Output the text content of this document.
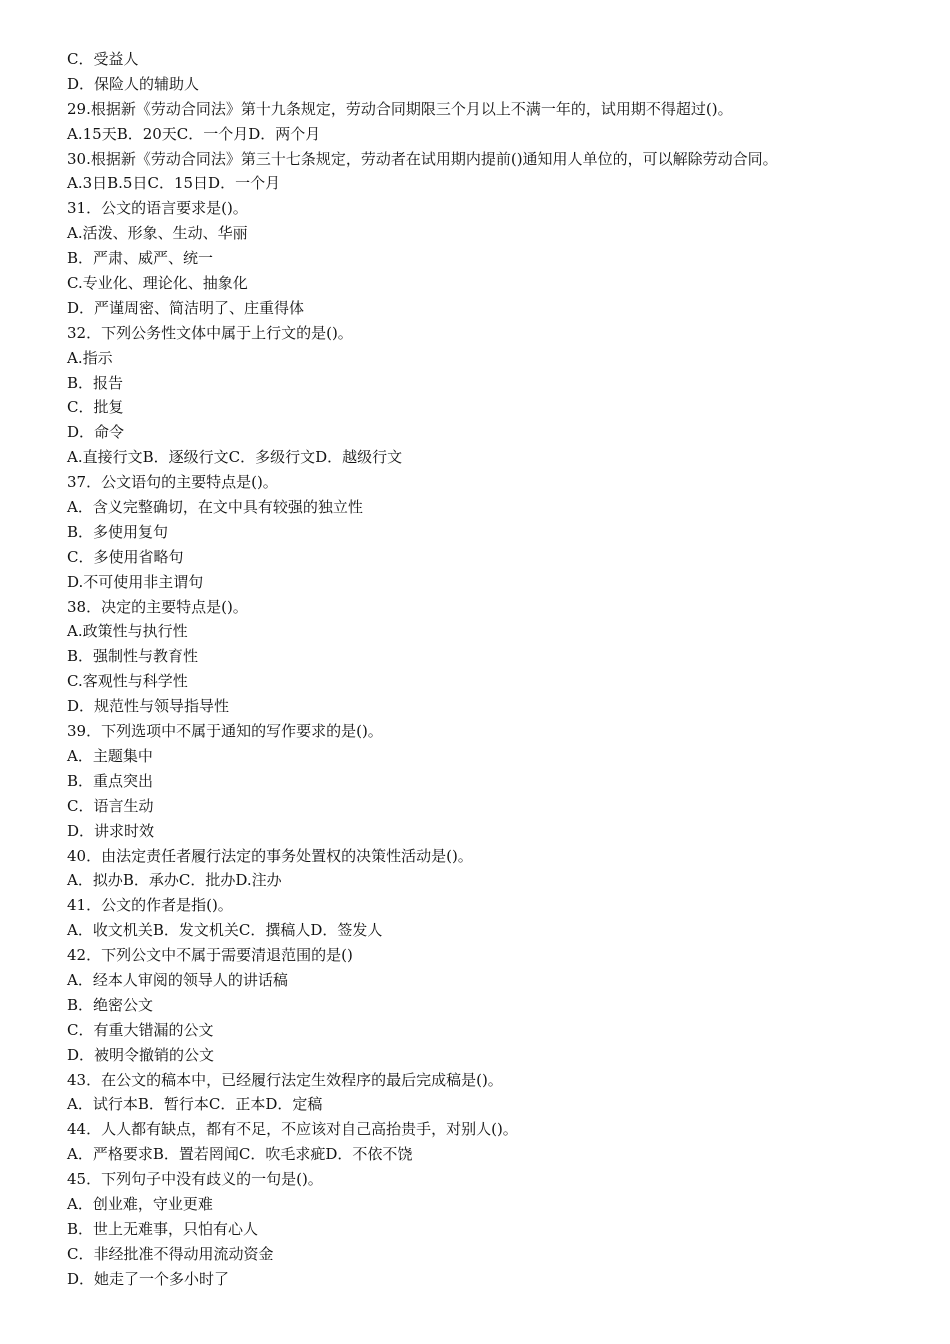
C．受益人
D．保险人的辅助人
29.根据新《劳动合同法》第十九条规定，劳动合同期限三个月以上不满一年的，试用期不得超过()。
A.15天B．20天C．一个月D．两个月
30.根据新《劳动合同法》第三十七条规定，劳动者在试用期内提前()通知用人单位的，可以解除劳动合同。
A.3日B.5日C．15日D．一个月
31．公文的语言要求是()。
A.活泼、形象、生动、华丽
B．严肃、威严、统一
C.专业化、理论化、抽象化
D．严谨周密、简洁明了、庄重得体
32．下列公务性文体中属于上行文的是()。
A.指示
B．报告
C．批复
D．命令
A.直接行文B．逐级行文C．多级行文D．越级行文
37．公文语句的主要特点是()。
A．含义完整确切，在文中具有较强的独立性
B．多使用复句
C．多使用省略句
D.不可使用非主谓句
38．决定的主要特点是()。
A.政策性与执行性
B．强制性与教育性
C.客观性与科学性
D．规范性与领导指导性
39．下列选项中不属于通知的写作要求的是()。
A．主题集中
B．重点突出
C．语言生动
D．讲求时效
40．由法定责任者履行法定的事务处置权的决策性活动是()。
A．拟办B．承办C．批办D.注办
41．公文的作者是指()。
A．收文机关B．发文机关C．撰稿人D．签发人
42．下列公文中不属于需要清退范围的是()
A．经本人审阅的领导人的讲话稿
B．绝密公文
C．有重大错漏的公文
D．被明令撤销的公文
43．在公文的稿本中，已经履行法定生效程序的最后完成稿是()。
A．试行本B．暂行本C．正本D．定稿
44．人人都有缺点，都有不足，不应该对自己高抬贵手，对别人()。
A．严格要求B．置若罔闻C．吹毛求疵D．不依不饶
45．下列句子中没有歧义的一句是()。
A．创业难，守业更难
B．世上无难事，只怕有心人
C．非经批准不得动用流动资金
D．她走了一个多小时了
